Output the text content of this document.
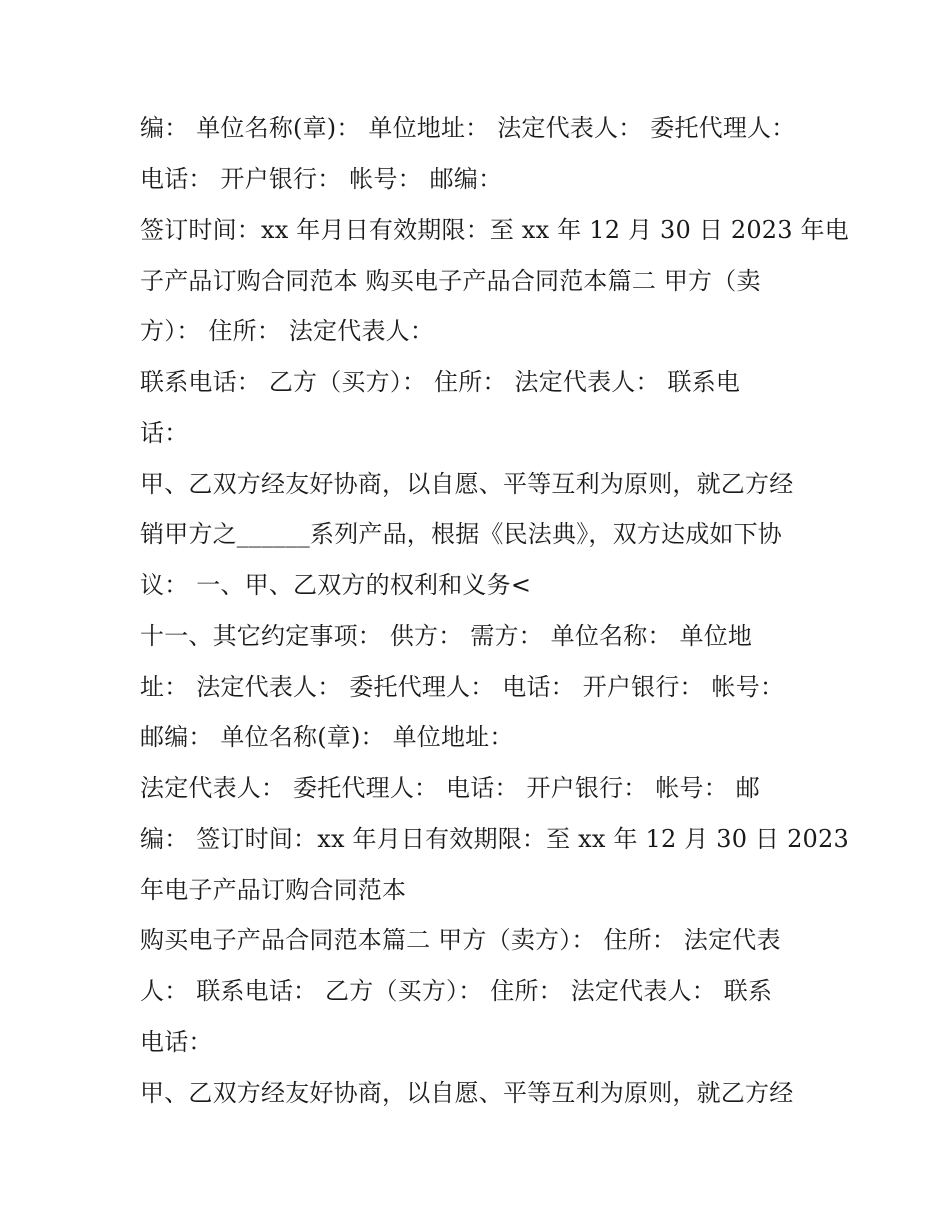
编： 单位名称(章)： 单位地址： 法定代表人： 委托代理人：
电话： 开户银行： 帐号： 邮编：
签订时间：xx 年月日有效期限：至 xx 年 12 月 30 日 2023 年电
子产品订购合同范本 购买电子产品合同范本篇二 甲方（卖
方）： 住所： 法定代表人：
联系电话： 乙方（买方）： 住所： 法定代表人： 联系电
话：
甲、乙双方经友好协商，以自愿、平等互利为原则，就乙方经
销甲方之______系列产品，根据《民法典》，双方达成如下协
议： 一、甲、乙双方的权利和义务<
十一、其它约定事项： 供方： 需方： 单位名称： 单位地
址： 法定代表人： 委托代理人： 电话： 开户银行： 帐号：
邮编： 单位名称(章)： 单位地址：
法定代表人： 委托代理人： 电话： 开户银行： 帐号： 邮
编： 签订时间：xx 年月日有效期限：至 xx 年 12 月 30 日 2023
年电子产品订购合同范本
购买电子产品合同范本篇二 甲方（卖方）： 住所： 法定代表
人： 联系电话： 乙方（买方）： 住所： 法定代表人： 联系
电话：
甲、乙双方经友好协商，以自愿、平等互利为原则，就乙方经
